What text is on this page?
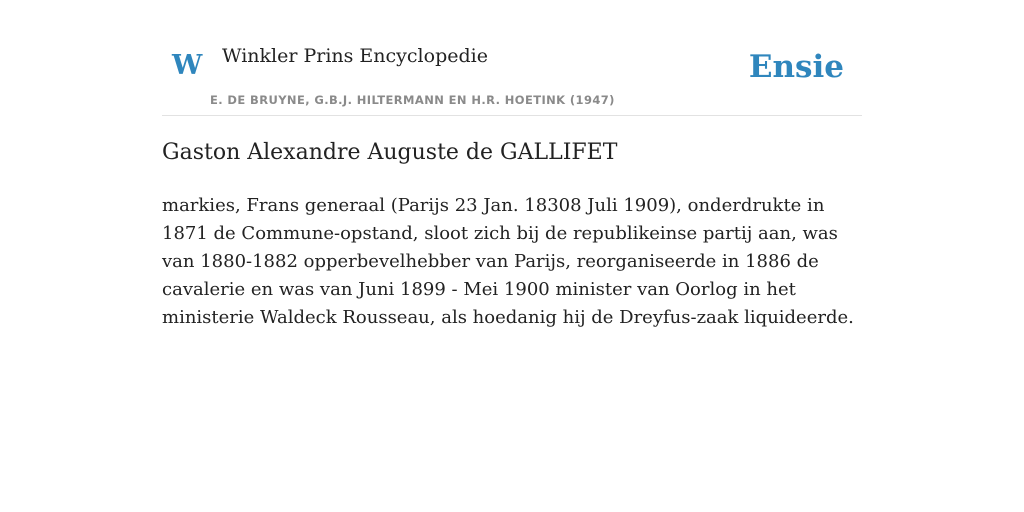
W Winkler Prins Encyclopedie
E. DE BRUYNE, G.B.J. HILTERMANN EN H.R. HOETINK (1947)
Ensie
Gaston Alexandre Auguste de GALLIFET

markies, Frans generaal (Parijs 23 Jan. 18308 Juli 1909), onderdrukte in 1871 de Commune-opstand, sloot zich bij de republikeinse partij aan, was van 1880-1882 opperbevelhebber van Parijs, reorganiseerde in 1886 de cavalerie en was van Juni 1899 - Mei 1900 minister van Oorlog in het ministerie Waldeck Rousseau, als hoedanig hij de Dreyfus-zaak liquideerde.
